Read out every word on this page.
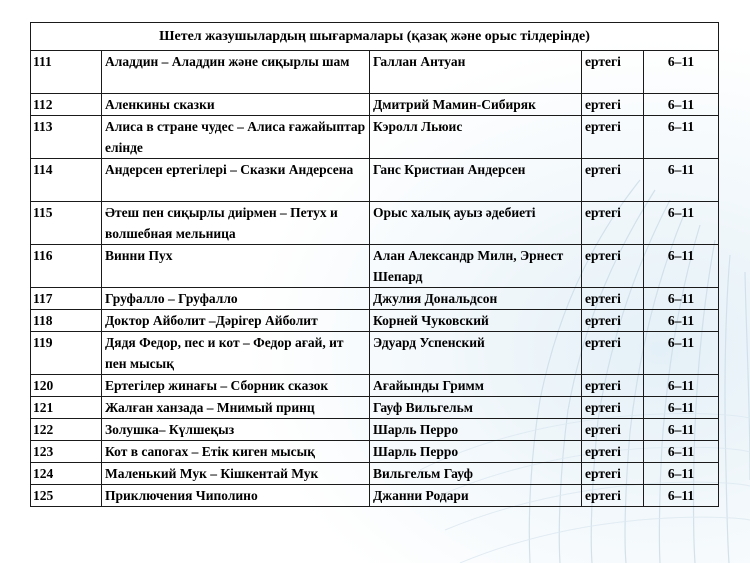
Шетел жазушылардың шығармалары (қазақ және орыс тілдерінде)				
111	Аладдин – Аладдин және сиқырлы шам	Галлан Антуан	ертегі	6–11
112	Аленкины сказки	Дмитрий Мамин-Сибиряк	ертегі	6–11
113	Алиса в стране чудес – Алиса ғажайыптар елінде	Кэролл Льюис	ертегі	6–11
114	Андерсен ертегілері – Сказки Андерсена	Ганс Кристиан Андерсен	ертегі	6–11
115	Әтеш пен сиқырлы диірмен – Петух и волшебная мельница	Орыс халық ауыз әдебиеті	ертегі	6–11
116	Винни Пух	Алан Александр Милн, Эрнест Шепард	ертегі	6–11
117	Груфалло – Груфалло	Джулия Дональдсон	ертегі	6–11
118	Доктор Айболит –Дәрігер Айболит	Корней Чуковский	ертегі	6–11
119	Дядя Федор, пес и кот – Федор ағай, ит пен мысық	Эдуард Успенский	ертегі	6–11
120	Ертегілер жинағы – Сборник сказок	Ағайынды Гримм	ертегі	6–11
121	Жалған ханзада – Мнимый принц	Гауф Вильгельм	ертегі	6–11
122	Золушка– Күлшеқыз	Шарль Перро	ертегі	6–11
123	Кот в сапогах – Етік киген мысық	Шарль Перро	ертегі	6–11
124	Маленький Мук – Кішкентай Мук	Вильгельм Гауф	ертегі	6–11
125	Приключения Чиполино	Джанни Родари	ертегі	6–11
